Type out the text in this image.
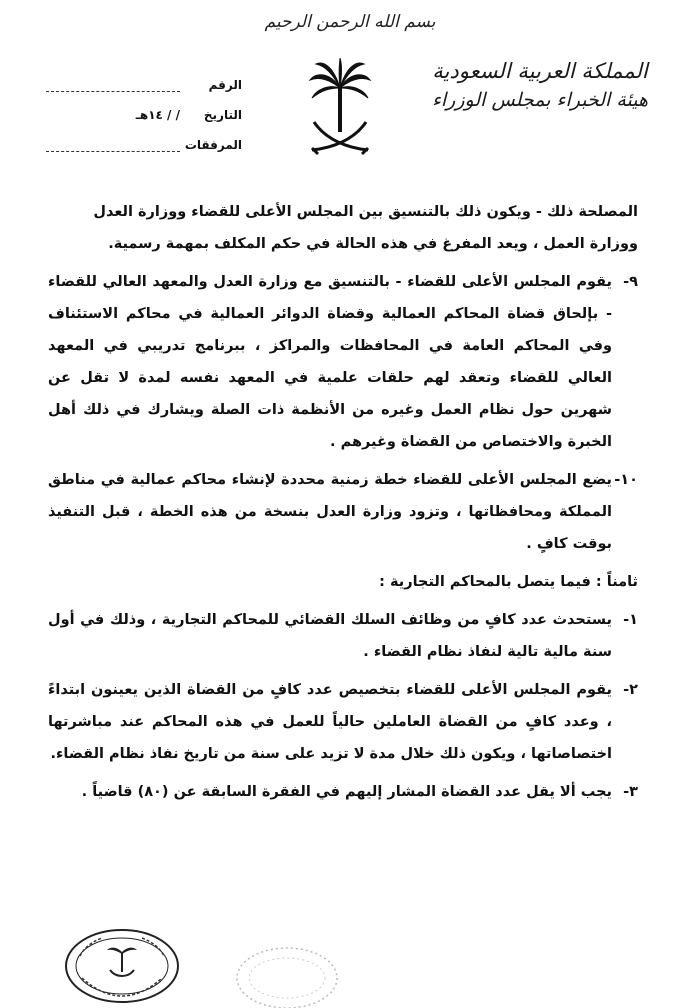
بسم الله الرحمن الرحيم
المملكة العربية السعودية
هيئة الخبراء بمجلس الوزراء
الرقم
التاريخ
/ / ١٤هـ
المرفقات
المصلحة ذلك - ويكون ذلك بالتنسيق بين المجلس الأعلى للقضاء ووزارة العدل
ووزارة العمل ، ويعد المفرغ في هذه الحالة في حكم المكلف بمهمة رسمية.
٩-
يقوم المجلس الأعلى للقضاء - بالتنسيق مع وزارة العدل والمعهد العالي للقضاء - بإلحاق قضاة المحاكم العمالية وقضاة الدوائر العمالية في محاكم الاستئناف وفي المحاكم العامة في المحافظات والمراكز ، ببرنامج تدريبي في المعهد العالي للقضاء وتعقد لهم حلقات علمية في المعهد نفسه لمدة لا تقل عن شهرين حول نظام العمل وغيره من الأنظمة ذات الصلة ويشارك في ذلك أهل الخبرة والاختصاص من القضاة وغيرهم .
١٠-
يضع المجلس الأعلى للقضاء خطة زمنية محددة لإنشاء محاكم عمالية في مناطق المملكة ومحافظاتها ، وتزود وزارة العدل بنسخة من هذه الخطة ، قبل التنفيذ بوقت كافٍ .
ثامناً : فيما يتصل بالمحاكم التجارية :
١-
يستحدث عدد كافٍ من وظائف السلك القضائي للمحاكم التجارية ، وذلك في أول سنة مالية تالية لنفاذ نظام القضاء .
٢-
يقوم المجلس الأعلى للقضاء بتخصيص عدد كافٍ من القضاة الذين يعينون ابتداءً ، وعدد كافٍ من القضاة العاملين حالياً للعمل في هذه المحاكم عند مباشرتها اختصاصاتها ، ويكون ذلك خلال مدة لا تزيد على سنة من تاريخ نفاذ نظام القضاء.
٣-
يجب ألا يقل عدد القضاة المشار إليهم في الفقرة السابقة عن (٨٠) قاضياً .
